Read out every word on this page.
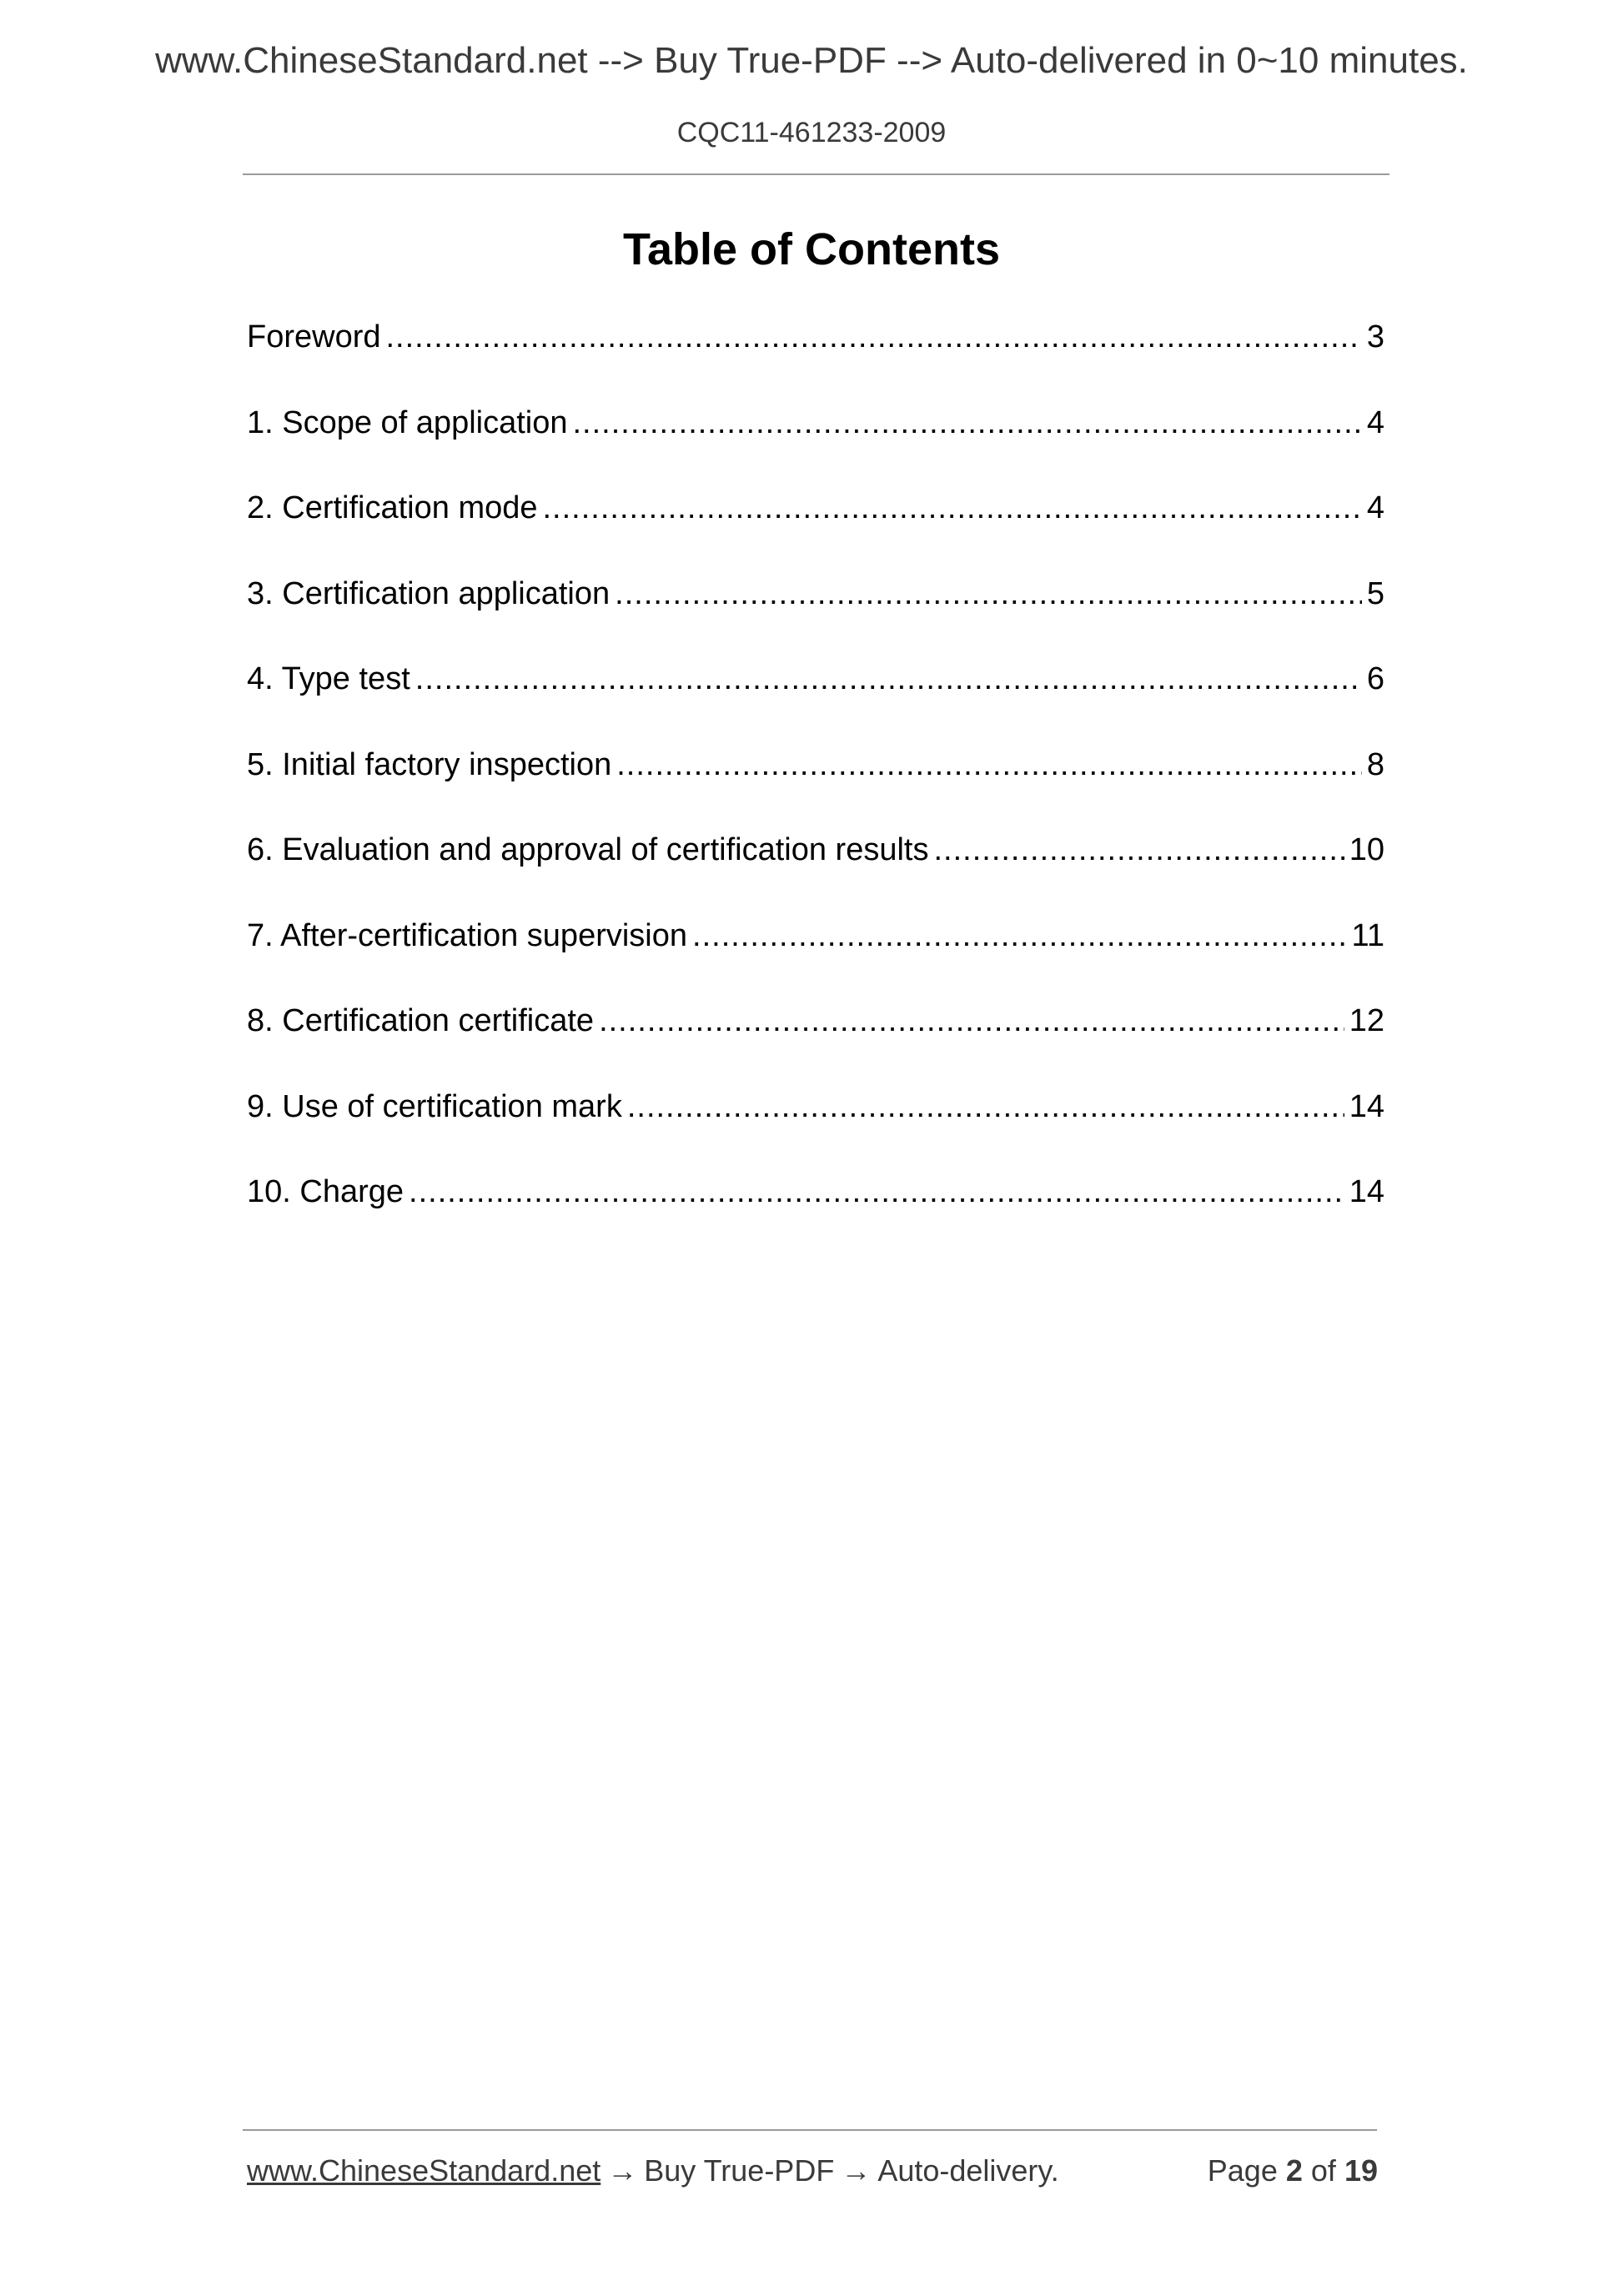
www.ChineseStandard.net --> Buy True-PDF --> Auto-delivered in 0~10 minutes.
CQC11-461233-2009
Table of Contents
Foreword .....	3
1. Scope of application .....	4
2. Certification mode .....	4
3. Certification application .....	5
4. Type test .....	6
5. Initial factory inspection .....	8
6. Evaluation and approval of certification results .....	10
7. After-certification supervision .....	11
8. Certification certificate .....	12
9. Use of certification mark .....	14
10. Charge .....	14
www.ChineseStandard.net → Buy True-PDF → Auto-delivery.	Page 2 of 19
